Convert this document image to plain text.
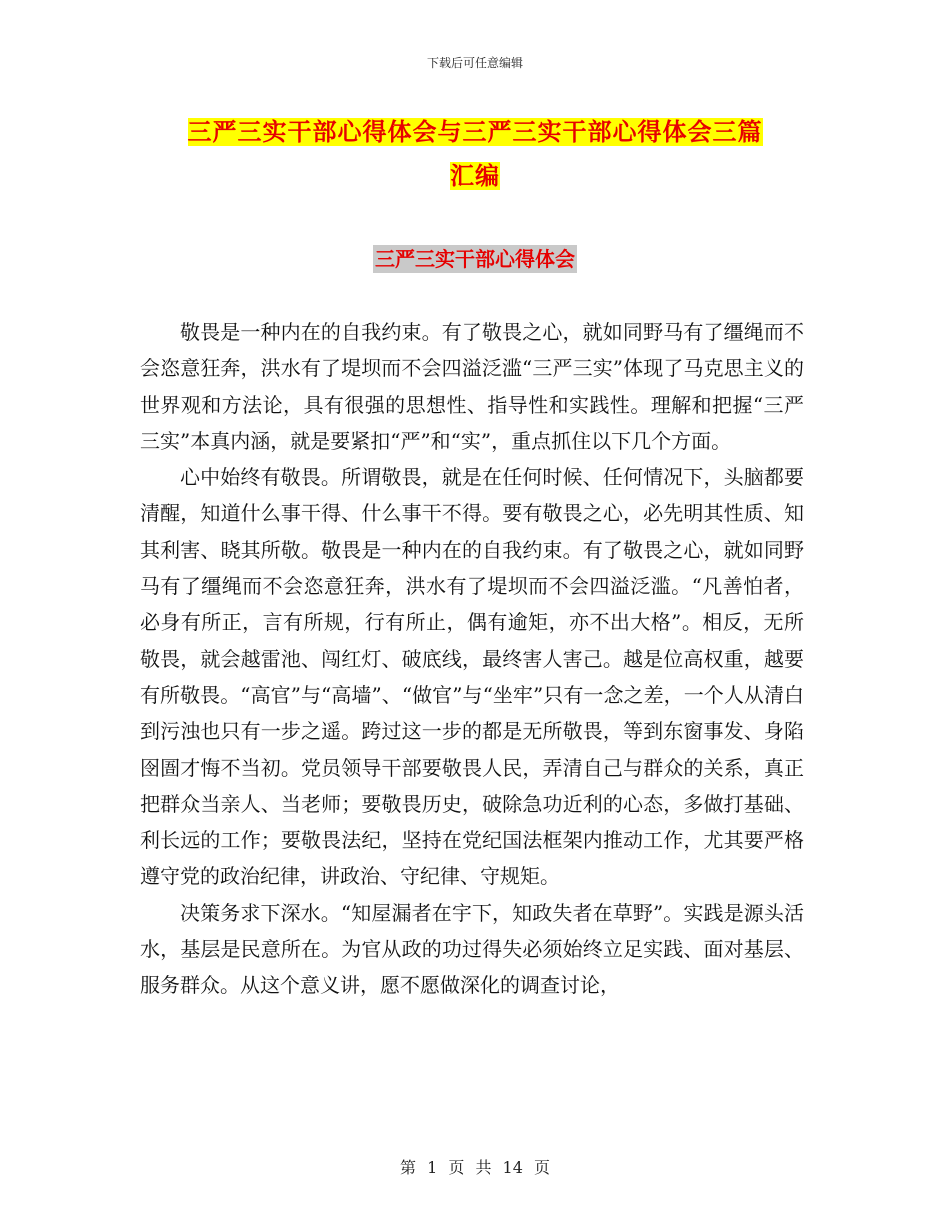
下载后可任意编辑
三严三实干部心得体会与三严三实干部心得体会三篇
汇编
三严三实干部心得体会

敬畏是一种内在的自我约束。有了敬畏之心，就如同野马有了缰绳而不会恣意狂奔，洪水有了堤坝而不会四溢泛滥“三严三实”体现了马克思主义的世界观和方法论，具有很强的思想性、指导性和实践性。理解和把握“三严三实”本真内涵，就是要紧扣“严”和“实”，重点抓住以下几个方面。

心中始终有敬畏。所谓敬畏，就是在任何时候、任何情况下，头脑都要清醒，知道什么事干得、什么事干不得。要有敬畏之心，必先明其性质、知其利害、晓其所敬。敬畏是一种内在的自我约束。有了敬畏之心，就如同野马有了缰绳而不会恣意狂奔，洪水有了堤坝而不会四溢泛滥。“凡善怕者，必身有所正，言有所规，行有所止，偶有逾矩，亦不出大格”。相反，无所敬畏，就会越雷池、闯红灯、破底线，最终害人害己。越是位高权重，越要有所敬畏。“高官”与“高墙”、“做官”与“坐牢”只有一念之差，一个人从清白到污浊也只有一步之遥。跨过这一步的都是无所敬畏，等到东窗事发、身陷囹圄才悔不当初。党员领导干部要敬畏人民，弄清自己与群众的关系，真正把群众当亲人、当老师；要敬畏历史，破除急功近利的心态，多做打基础、利长远的工作；要敬畏法纪，坚持在党纪国法框架内推动工作，尤其要严格遵守党的政治纪律，讲政治、守纪律、守规矩。

决策务求下深水。“知屋漏者在宇下，知政失者在草野”。实践是源头活水，基层是民意所在。为官从政的功过得失必须始终立足实践、面对基层、服务群众。从这个意义讲，愿不愿做深化的调查讨论，

第 1 页 共 14 页
